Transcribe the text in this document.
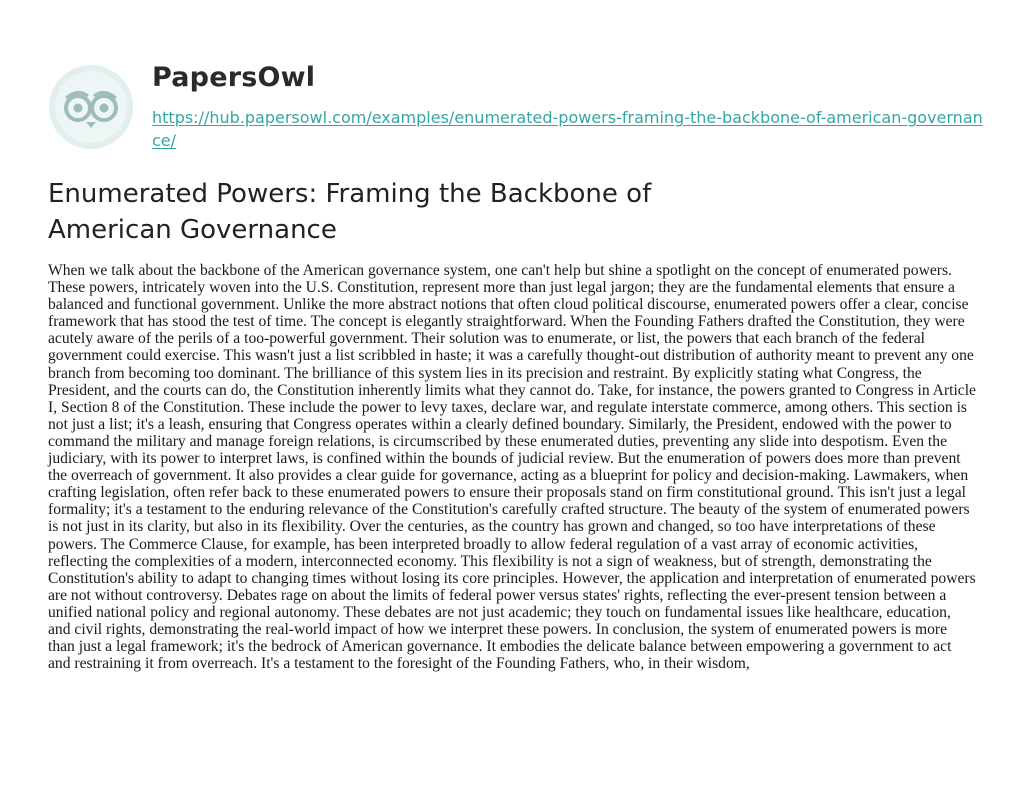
PapersOwl
https://hub.papersowl.com/examples/enumerated-powers-framing-the-backbone-of-american-governance/
Enumerated Powers: Framing the Backbone of American Governance

When we talk about the backbone of the American governance system, one can't help but shine a spotlight on the concept of enumerated powers. These powers, intricately woven into the U.S. Constitution, represent more than just legal jargon; they are the fundamental elements that ensure a balanced and functional government. Unlike the more abstract notions that often cloud political discourse, enumerated powers offer a clear, concise framework that has stood the test of time. The concept is elegantly straightforward. When the Founding Fathers drafted the Constitution, they were acutely aware of the perils of a too-powerful government. Their solution was to enumerate, or list, the powers that each branch of the federal government could exercise. This wasn't just a list scribbled in haste; it was a carefully thought-out distribution of authority meant to prevent any one branch from becoming too dominant. The brilliance of this system lies in its precision and restraint. By explicitly stating what Congress, the President, and the courts can do, the Constitution inherently limits what they cannot do. Take, for instance, the powers granted to Congress in Article I, Section 8 of the Constitution. These include the power to levy taxes, declare war, and regulate interstate commerce, among others. This section is not just a list; it's a leash, ensuring that Congress operates within a clearly defined boundary. Similarly, the President, endowed with the power to command the military and manage foreign relations, is circumscribed by these enumerated duties, preventing any slide into despotism. Even the judiciary, with its power to interpret laws, is confined within the bounds of judicial review. But the enumeration of powers does more than prevent the overreach of government. It also provides a clear guide for governance, acting as a blueprint for policy and decision-making. Lawmakers, when crafting legislation, often refer back to these enumerated powers to ensure their proposals stand on firm constitutional ground. This isn't just a legal formality; it's a testament to the enduring relevance of the Constitution's carefully crafted structure. The beauty of the system of enumerated powers is not just in its clarity, but also in its flexibility. Over the centuries, as the country has grown and changed, so too have interpretations of these powers. The Commerce Clause, for example, has been interpreted broadly to allow federal regulation of a vast array of economic activities, reflecting the complexities of a modern, interconnected economy. This flexibility is not a sign of weakness, but of strength, demonstrating the Constitution's ability to adapt to changing times without losing its core principles. However, the application and interpretation of enumerated powers are not without controversy. Debates rage on about the limits of federal power versus states' rights, reflecting the ever-present tension between a unified national policy and regional autonomy. These debates are not just academic; they touch on fundamental issues like healthcare, education, and civil rights, demonstrating the real-world impact of how we interpret these powers. In conclusion, the system of enumerated powers is more than just a legal framework; it's the bedrock of American governance. It embodies the delicate balance between empowering a government to act and restraining it from overreach. It's a testament to the foresight of the Founding Fathers, who, in their wisdom,
